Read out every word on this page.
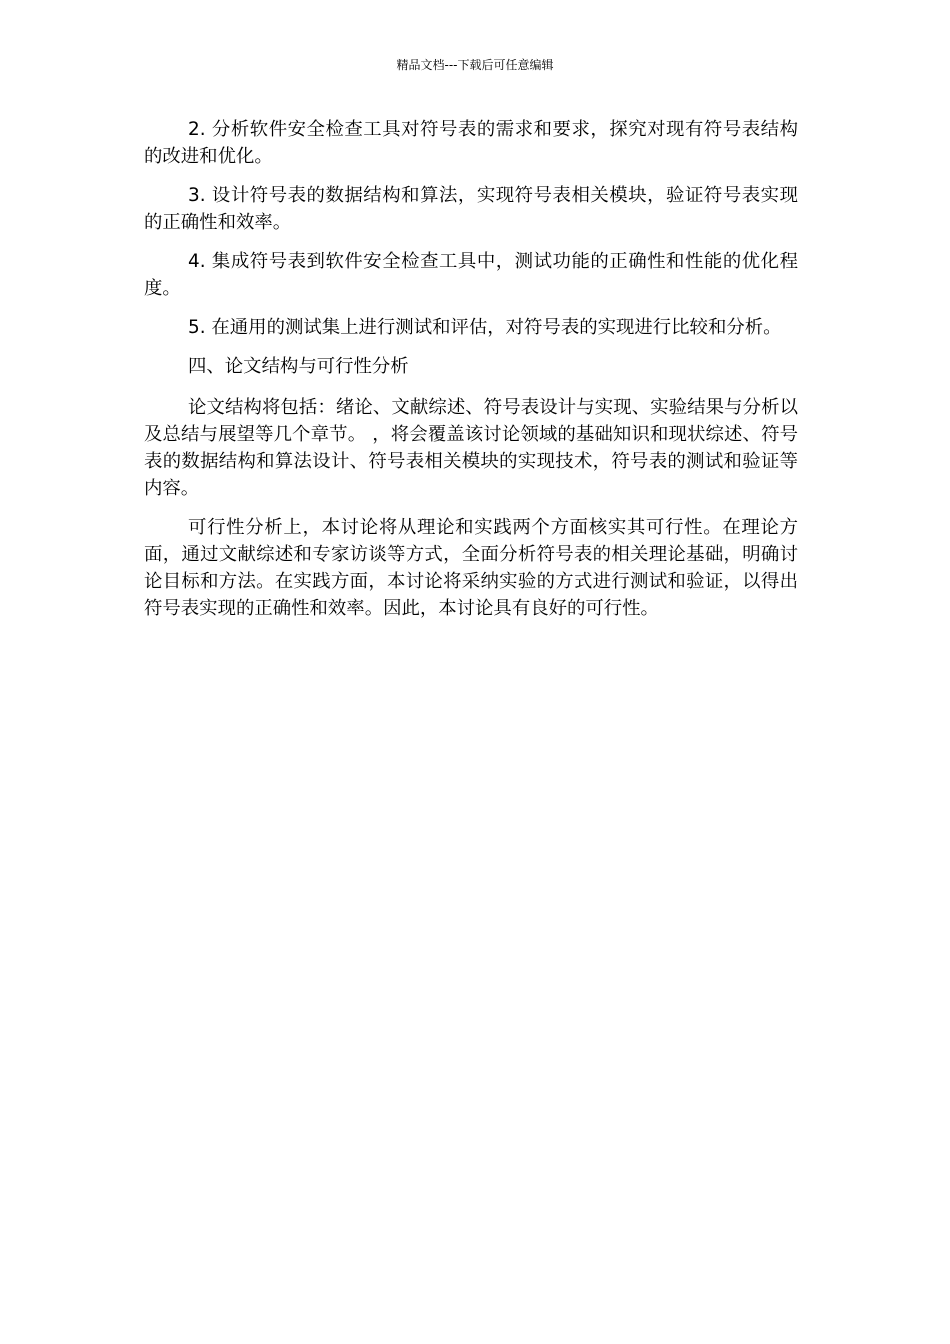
精品文档---下载后可任意编辑

2. 分析软件安全检查工具对符号表的需求和要求，探究对现有符号表结构的改进和优化。

3. 设计符号表的数据结构和算法，实现符号表相关模块，验证符号表实现的正确性和效率。

4. 集成符号表到软件安全检查工具中，测试功能的正确性和性能的优化程度。

5. 在通用的测试集上进行测试和评估，对符号表的实现进行比较和分析。

四、论文结构与可行性分析

论文结构将包括：绪论、文献综述、符号表设计与实现、实验结果与分析以及总结与展望等几个章节。 ，将会覆盖该讨论领域的基础知识和现状综述、符号表的数据结构和算法设计、符号表相关模块的实现技术，符号表的测试和验证等内容。

可行性分析上，本讨论将从理论和实践两个方面核实其可行性。在理论方面，通过文献综述和专家访谈等方式，全面分析符号表的相关理论基础，明确讨论目标和方法。在实践方面，本讨论将采纳实验的方式进行测试和验证，以得出符号表实现的正确性和效率。因此，本讨论具有良好的可行性。
